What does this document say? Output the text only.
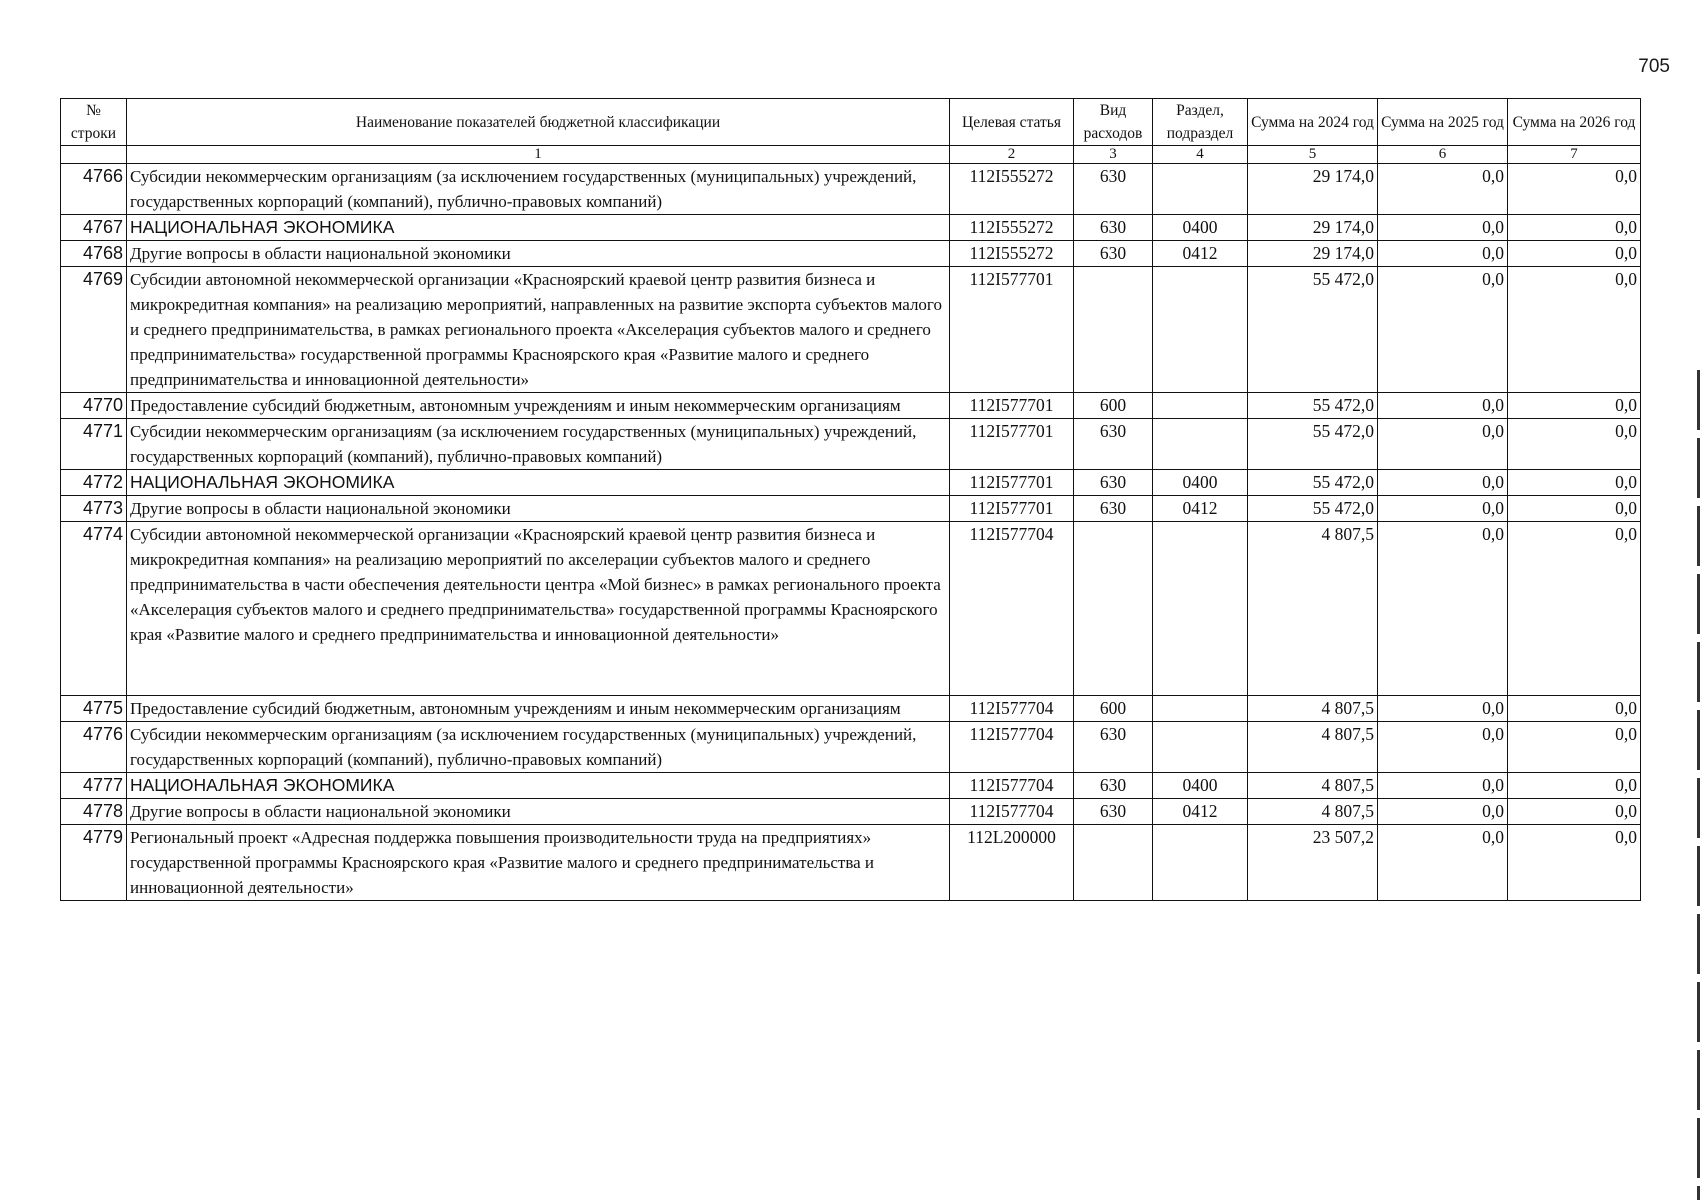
705
№ строки	Наименование показателей бюджетной классификации	Целевая статья	Вид расходов	Раздел, подраздел	Сумма на 2024 год	Сумма на 2025 год	Сумма на 2026 год
	1	2	3	4	5	6	7
4766	Субсидии некоммерческим организациям (за исключением государственных (муниципальных) учреждений, государственных корпораций (компаний), публично-правовых компаний)	112I555272	630		29 174,0	0,0	0,0
4767	НАЦИОНАЛЬНАЯ ЭКОНОМИКА	112I555272	630	0400	29 174,0	0,0	0,0
4768	Другие вопросы в области национальной экономики	112I555272	630	0412	29 174,0	0,0	0,0
4769	Субсидии автономной некоммерческой организации «Красноярский краевой центр развития бизнеса и микрокредитная компания» на реализацию мероприятий, направленных на развитие экспорта субъектов малого и среднего предпринимательства, в рамках регионального проекта «Акселерация субъектов малого и среднего предпринимательства» государственной программы Красноярского края «Развитие малого и среднего предпринимательства и инновационной деятельности»	112I577701			55 472,0	0,0	0,0
4770	Предоставление субсидий бюджетным, автономным учреждениям и иным некоммерческим организациям	112I577701	600		55 472,0	0,0	0,0
4771	Субсидии некоммерческим организациям (за исключением государственных (муниципальных) учреждений, государственных корпораций (компаний), публично-правовых компаний)	112I577701	630		55 472,0	0,0	0,0
4772	НАЦИОНАЛЬНАЯ ЭКОНОМИКА	112I577701	630	0400	55 472,0	0,0	0,0
4773	Другие вопросы в области национальной экономики	112I577701	630	0412	55 472,0	0,0	0,0
4774	Субсидии автономной некоммерческой организации «Красноярский краевой центр развития бизнеса и микрокредитная компания» на реализацию мероприятий по акселерации субъектов малого и среднего предпринимательства в части обеспечения деятельности центра «Мой бизнес» в рамках регионального проекта «Акселерация субъектов малого и среднего предпринимательства» государственной программы Красноярского края «Развитие малого и среднего предпринимательства и инновационной деятельности»	112I577704			4 807,5	0,0	0,0
4775	Предоставление субсидий бюджетным, автономным учреждениям и иным некоммерческим организациям	112I577704	600		4 807,5	0,0	0,0
4776	Субсидии некоммерческим организациям (за исключением государственных (муниципальных) учреждений, государственных корпораций (компаний), публично-правовых компаний)	112I577704	630		4 807,5	0,0	0,0
4777	НАЦИОНАЛЬНАЯ ЭКОНОМИКА	112I577704	630	0400	4 807,5	0,0	0,0
4778	Другие вопросы в области национальной экономики	112I577704	630	0412	4 807,5	0,0	0,0
4779	Региональный проект «Адресная поддержка повышения производительности труда на предприятиях» государственной программы Красноярского края «Развитие малого и среднего предпринимательства и инновационной деятельности»	112L200000			23 507,2	0,0	0,0
